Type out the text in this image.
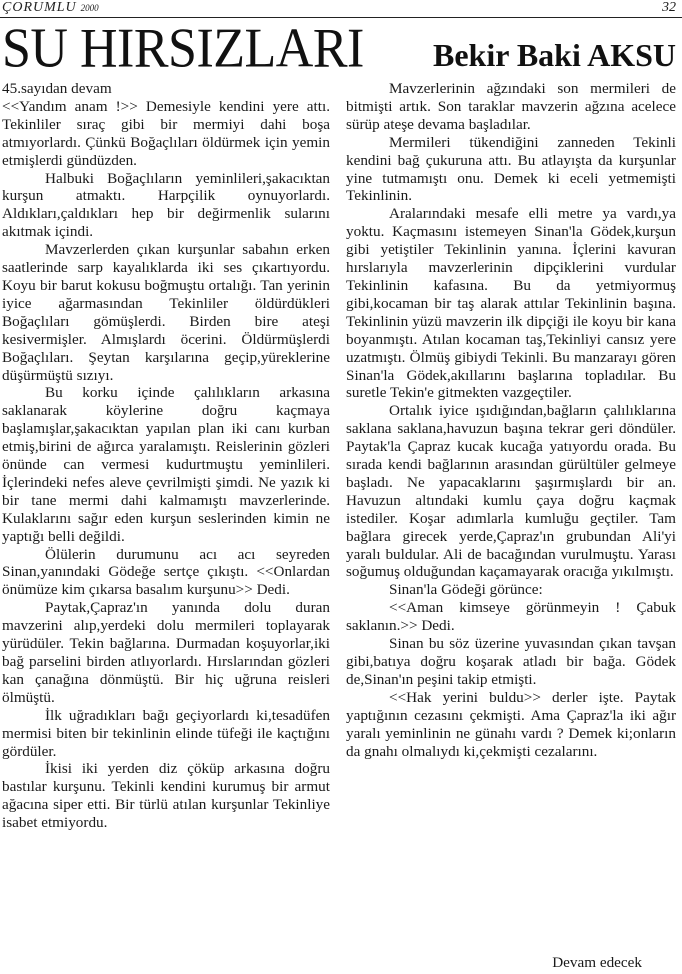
ÇORUMLU 2000	32
SU HIRSIZLARI Bekir Baki AKSU

45.sayıdan devam

<<Yandım anam !>> Demesiyle kendini yere attı. Tekinliler sıraç gibi bir mermiyi dahi boşa atmıyorlardı. Çünkü Boğaçlıları öldürmek için yemin etmişlerdi gündüzden.

Halbuki Boğaçlıların yeminlileri,şakacıktan kurşun atmaktı. Harpçilik oynuyorlardı. Aldıkları,çaldıkları hep bir değirmenlik sularını akıtmak içindi.

Mavzerlerden çıkan kurşunlar sabahın erken saatlerinde sarp kayalıklarda iki ses çıkartıyordu. Koyu bir barut kokusu boğmuştu ortalığı. Tan yerinin iyice ağarmasından Tekinliler öldürdükleri Boğaçlıları gömüşlerdi. Birden bire ateşi kesivermişler. Almışlardı öcerini. Öldürmüşlerdi Boğaçlıları. Şeytan karşılarına geçip,yüreklerine düşürmüştü sızıyı.

Bu korku içinde çalılıkların arkasına saklanarak köylerine doğru kaçmaya başlamışlar,şakacıktan yapılan plan iki canı kurban etmiş,birini de ağırca yaralamıştı. Reislerinin gözleri önünde can vermesi kudurtmuştu yeminlileri. İçlerindeki nefes aleve çevrilmişti şimdi. Ne yazık ki bir tane mermi dahi kalmamıştı mavzerlerinde. Kulaklarını sağır eden kurşun seslerinden kimin ne yaptığı belli değildi.

Ölülerin durumunu acı acı seyreden Sinan,yanındaki Gödeğe sertçe çıkıştı. <<Onlardan önümüze kim çıkarsa basalım kurşunu>> Dedi.

Paytak,Çapraz'ın yanında dolu duran mavzerini alıp,yerdeki dolu mermileri toplayarak yürüdüler. Tekin bağlarına. Durmadan koşuyorlar,iki bağ parselini birden atlıyorlardı. Hırslarından gözleri kan çanağına dönmüştü. Bir hiç uğruna reisleri ölmüştü.

İlk uğradıkları bağı geçiyorlardı ki,tesadüfen mermisi biten bir tekinlinin elinde tüfeği ile kaçtığını gördüler.

İkisi iki yerden diz çöküp arkasına doğru bastılar kurşunu. Tekinli kendini kurumuş bir armut ağacına siper etti. Bir türlü atılan kurşunlar Tekinliye isabet etmiyordu.

Mavzerlerinin ağzındaki son mermileri de bitmişti artık. Son taraklar mavzerin ağzına acelece sürüp ateşe devama başladılar.

Mermileri tükendiğini zanneden Tekinli kendini bağ çukuruna attı. Bu atlayışta da kurşunlar yine tutmamıştı onu. Demek ki eceli yetmemişti Tekinlinin.

Aralarındaki mesafe elli metre ya vardı,ya yoktu. Kaçmasını istemeyen Sinan'la Gödek,kurşun gibi yetiştiler Tekinlinin yanına. İçlerini kavuran hırslarıyla mavzerlerinin dipçiklerini vurdular Tekinlinin kafasına. Bu da yetmiyormuş gibi,kocaman bir taş alarak attılar Tekinlinin başına. Tekinlinin yüzü mavzerin ilk dipçiği ile koyu bir kana boyanmıştı. Atılan kocaman taş,Tekinliyi cansız yere uzatmıştı. Ölmüş gibiydi Tekinli. Bu manzarayı gören Sinan'la Gödek,akıllarını başlarına topladılar. Bu suretle Tekin'e gitmekten vazgeçtiler.

Ortalık iyice ışıdığından,bağların çalılıklarına saklana saklana,havuzun başına tekrar geri döndüler. Paytak'la Çapraz kucak kucağa yatıyordu orada. Bu sırada kendi bağlarının arasından gürültüler gelmeye başladı. Ne yapacaklarını şaşırmışlardı bir an. Havuzun altındaki kumlu çaya doğru kaçmak istediler. Koşar adımlarla kumluğu geçtiler. Tam bağlara girecek yerde,Çapraz'ın grubundan Ali'yi yaralı buldular. Ali de bacağından vurulmuştu. Yarası soğumuş olduğundan kaçamayarak oracığa yıkılmıştı.

Sinan'la Gödeği görünce:

<<Aman kimseye görünmeyin ! Çabuk saklanın.>> Dedi.

Sinan bu söz üzerine yuvasından çıkan tavşan gibi,batıya doğru koşarak atladı bir bağa. Gödek de,Sinan'ın peşini takip etmişti.

<<Hak yerini buldu>> derler işte. Paytak yaptığının cezasını çekmişti. Ama Çapraz'la iki ağır yaralı yeminlinin ne günahı vardı ? Demek ki;onların da gnahı olmalıydı ki,çekmişti cezalarını.

Devam edecek
